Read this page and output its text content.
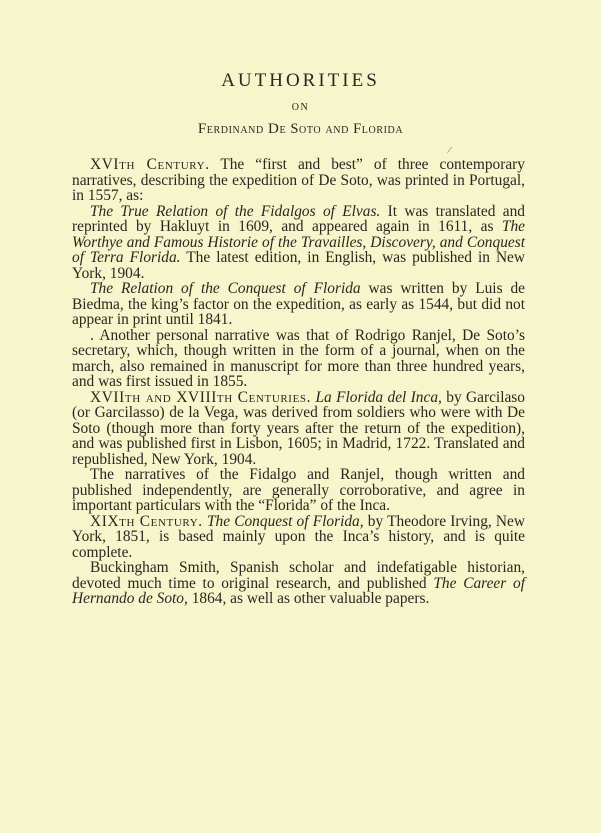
AUTHORITIES
ON
Ferdinand De Soto and Florida
/

XVIth Century. The “first and best” of three contemporary narratives, describing the expedition of De Soto, was printed in Portugal, in 1557, as:

The True Relation of the Fidalgos of Elvas. It was translated and reprinted by Hakluyt in 1609, and appeared again in 1611, as The Worthye and Famous Historie of the Travailles, Discovery, and Conquest of Terra Florida. The latest edition, in English, was published in New York, 1904.

The Relation of the Conquest of Florida was written by Luis de Biedma, the king’s factor on the expedition, as early as 1544, but did not appear in print until 1841.

. Another personal narrative was that of Rodrigo Ranjel, De Soto’s secretary, which, though written in the form of a journal, when on the march, also remained in manuscript for more than three hundred years, and was first issued in 1855.

XVIIth and XVIIIth Centuries. La Florida del Inca, by Garcilaso (or Garcilasso) de la Vega, was derived from soldiers who were with De Soto (though more than forty years after the return of the expedition), and was published first in Lisbon, 1605; in Madrid, 1722. Translated and republished, New York, 1904.

The narratives of the Fidalgo and Ranjel, though written and published independently, are generally corroborative, and agree in important particulars with the “Florida” of the Inca.

XIXth Century. The Conquest of Florida, by Theodore Irving, New York, 1851, is based mainly upon the Inca’s history, and is quite complete.

Buckingham Smith, Spanish scholar and indefatigable historian, devoted much time to original research, and published The Career of Hernando de Soto, 1864, as well as other valuable papers.
